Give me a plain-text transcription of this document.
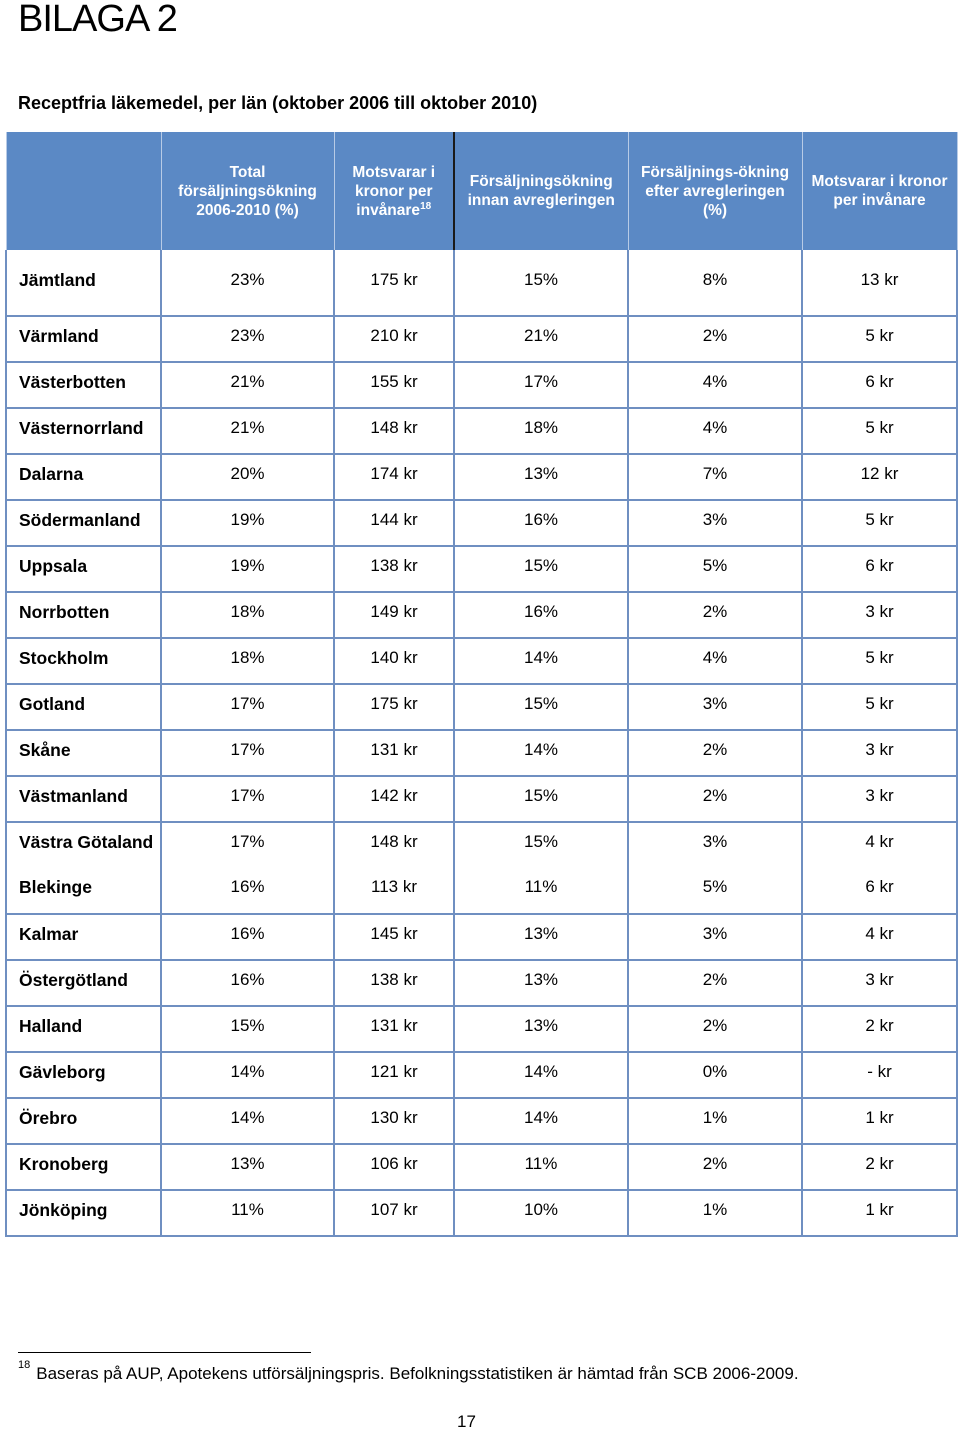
BILAGA 2
Receptfria läkemedel, per län (oktober 2006 till oktober 2010)
	Total försäljningsökning 2006-2010 (%)	Motsvarar i kronor per invånare$^{18}$	Försäljningsökning innan avregleringen	Försäljnings-ökning efter avregleringen (%)	Motsvarar i kronor per invånare
Jämtland	23%	175 kr	15%	8%	13 kr
Värmland	23%	210 kr	21%	2%	5 kr
Västerbotten	21%	155 kr	17%	4%	6 kr
Västernorrland	21%	148 kr	18%	4%	5 kr
Dalarna	20%	174 kr	13%	7%	12 kr
Södermanland	19%	144 kr	16%	3%	5 kr
Uppsala	19%	138 kr	15%	5%	6 kr
Norrbotten	18%	149 kr	16%	2%	3 kr
Stockholm	18%	140 kr	14%	4%	5 kr
Gotland	17%	175 kr	15%	3%	5 kr
Skåne	17%	131 kr	14%	2%	3 kr
Västmanland	17%	142 kr	15%	2%	3 kr
Västra Götaland	17%	148 kr	15%	3%	4 kr
Blekinge	16%	113 kr	11%	5%	6 kr
Kalmar	16%	145 kr	13%	3%	4 kr
Östergötland	16%	138 kr	13%	2%	3 kr
Halland	15%	131 kr	13%	2%	2 kr
Gävleborg	14%	121 kr	14%	0%	- kr
Örebro	14%	130 kr	14%	1%	1 kr
Kronoberg	13%	106 kr	11%	2%	2 kr
Jönköping	11%	107 kr	10%	1%	1 kr
$^{18}$ Baseras på AUP, Apotekens utförsäljningspris. Befolkningsstatistiken är hämtad från SCB 2006-2009.
17
